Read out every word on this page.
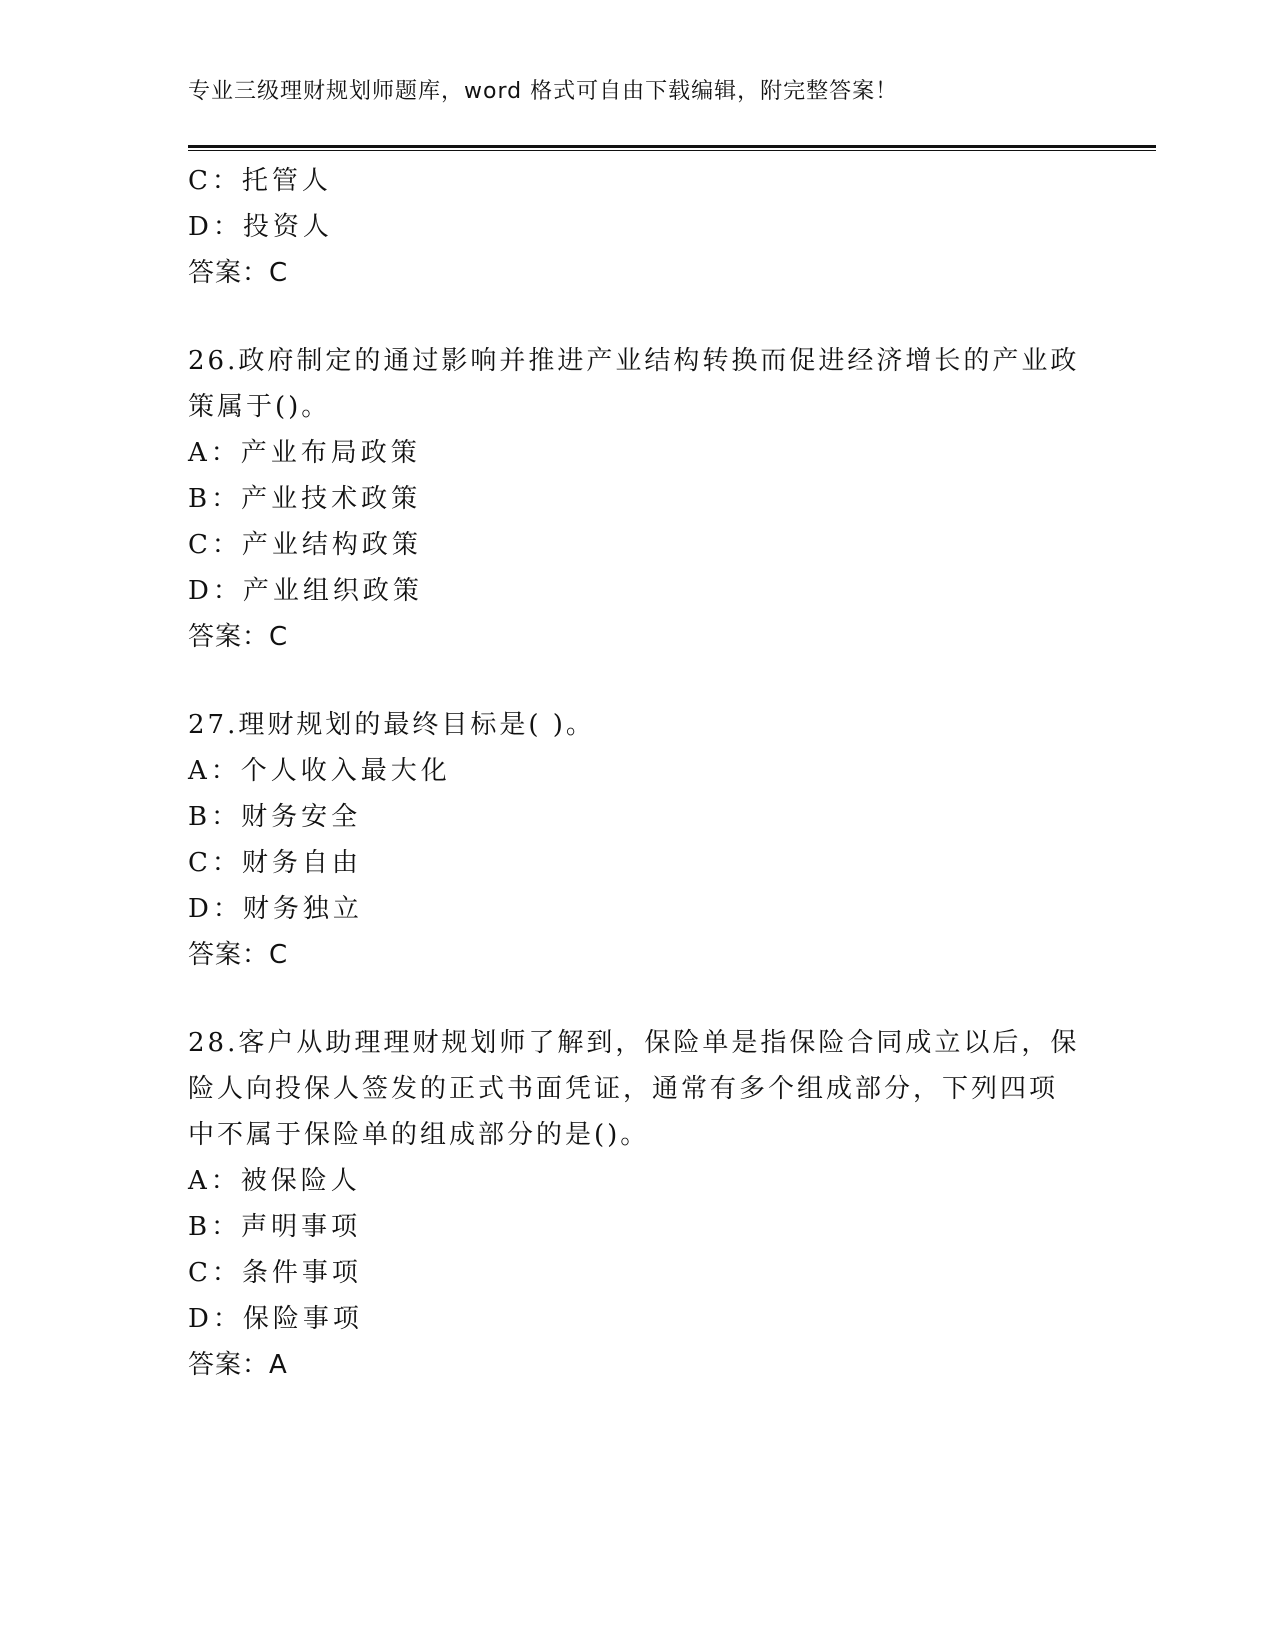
专业三级理财规划师题库，word 格式可自由下载编辑，附完整答案！
C：托管人
D：投资人
答案：C
26.政府制定的通过影响并推进产业结构转换而促进经济增长的产业政
策属于()。
A：产业布局政策
B：产业技术政策
C：产业结构政策
D：产业组织政策
答案：C
27.理财规划的最终目标是( )。
A：个人收入最大化
B：财务安全
C：财务自由
D：财务独立
答案：C
28.客户从助理理财规划师了解到，保险单是指保险合同成立以后，保
险人向投保人签发的正式书面凭证，通常有多个组成部分，下列四项
中不属于保险单的组成部分的是()。
A：被保险人
B：声明事项
C：条件事项
D：保险事项
答案：A
